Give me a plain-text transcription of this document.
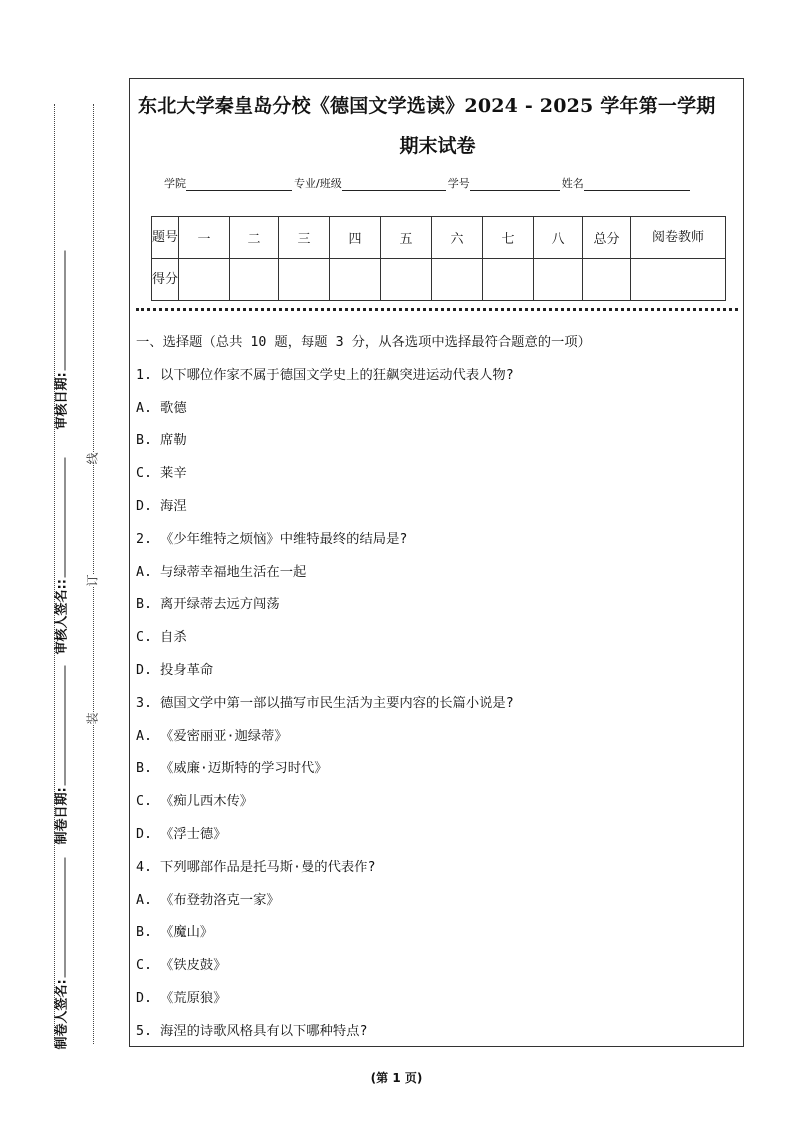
审核日期:
审核人签名::
制卷日期:
制卷人签名:
线
订
装
东北大学秦皇岛分校《德国文学选读》2024 - 2025 学年第一学期
期末试卷
学院	专业/班级	学号	姓名
题号	一	二	三	四	五	六	七	八	总分	阅卷教师
得分										
一、选择题（总共 10 题，每题 3 分，从各选项中选择最符合题意的一项）
1. 以下哪位作家不属于德国文学史上的狂飙突进运动代表人物?
A. 歌德
B. 席勒
C. 莱辛
D. 海涅
2. 《少年维特之烦恼》中维特最终的结局是?
A. 与绿蒂幸福地生活在一起
B. 离开绿蒂去远方闯荡
C. 自杀
D. 投身革命
3. 德国文学中第一部以描写市民生活为主要内容的长篇小说是?
A. 《爱密丽亚·迦绿蒂》
B. 《威廉·迈斯特的学习时代》
C. 《痴儿西木传》
D. 《浮士德》
4. 下列哪部作品是托马斯·曼的代表作?
A. 《布登勃洛克一家》
B. 《魔山》
C. 《铁皮鼓》
D. 《荒原狼》
5. 海涅的诗歌风格具有以下哪种特点?
(第 1 页)
